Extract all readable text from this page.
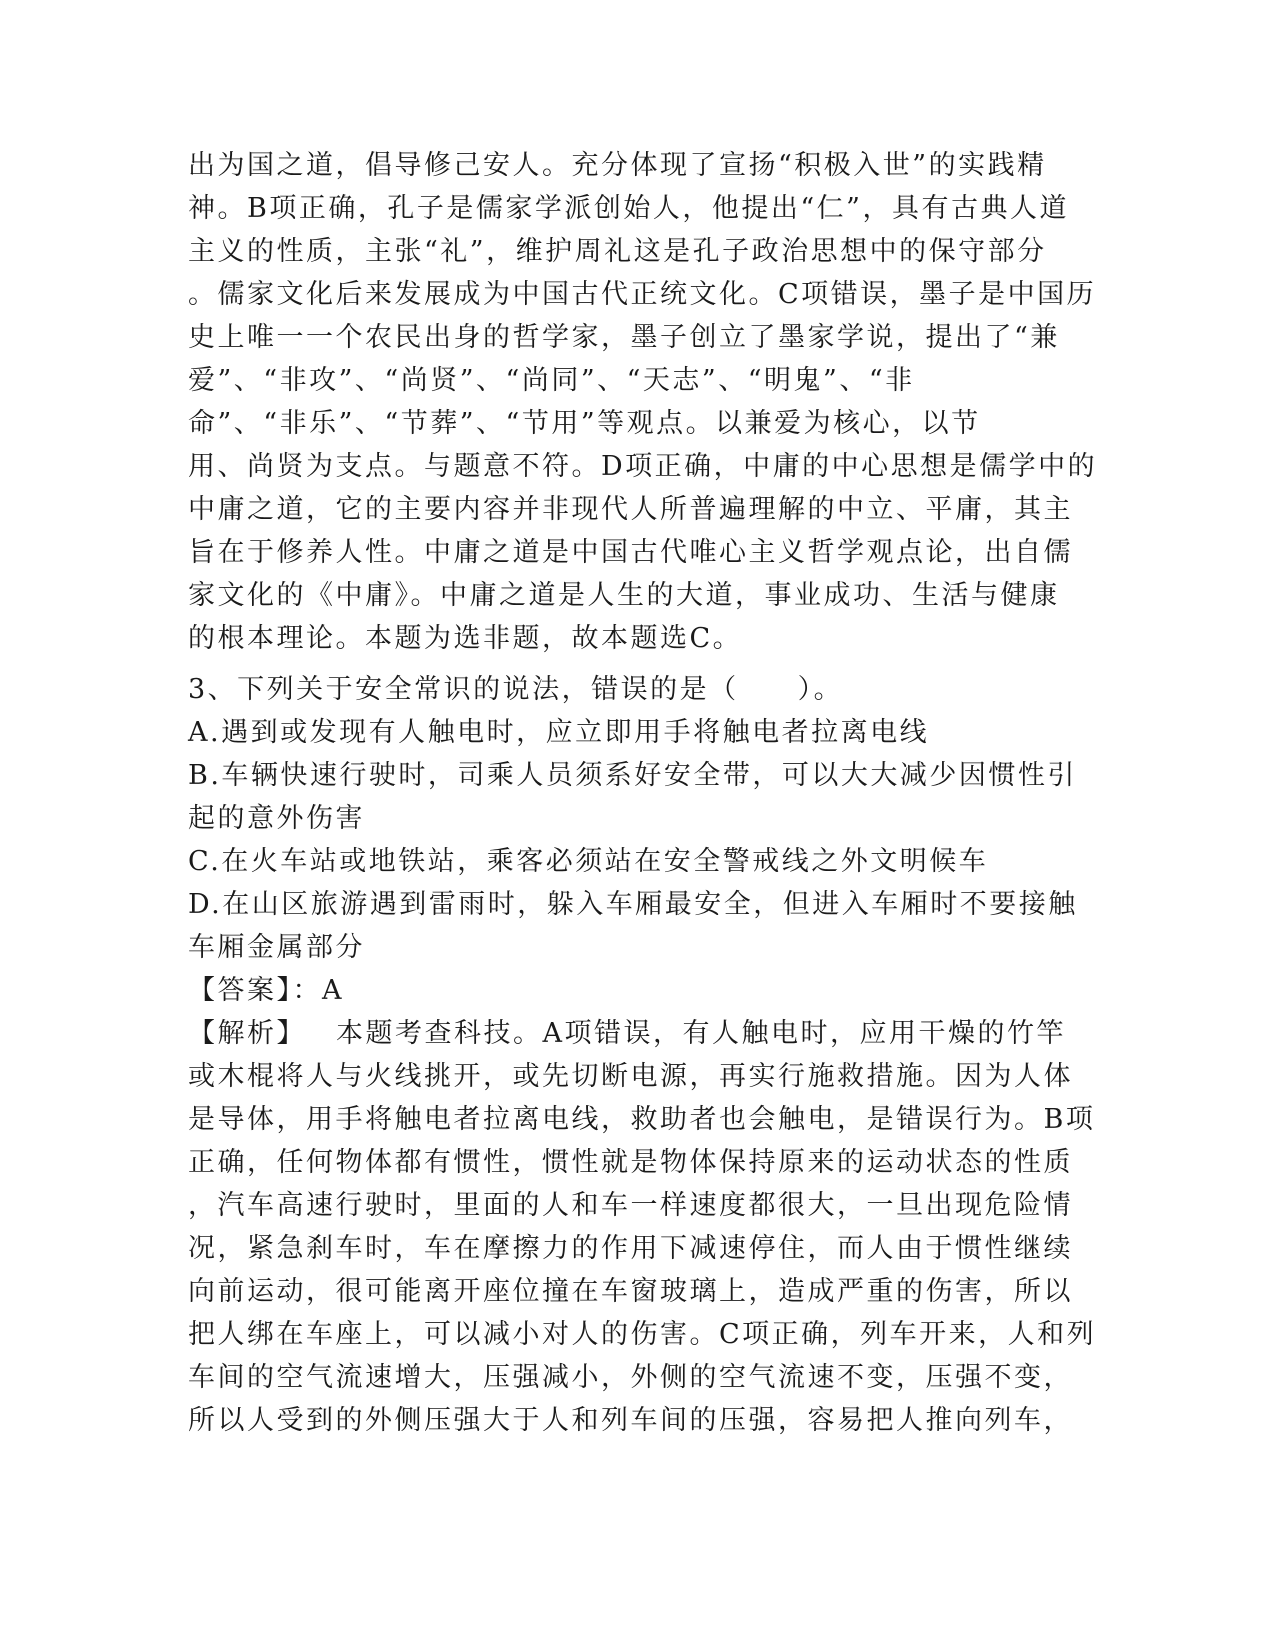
出为国之道，倡导修己安人。充分体现了宣扬“积极入世”的实践精
神。B项正确，孔子是儒家学派创始人，他提出“仁”，具有古典人道
主义的性质，主张“礼”，维护周礼这是孔子政治思想中的保守部分
。儒家文化后来发展成为中国古代正统文化。C项错误，墨子是中国历
史上唯一一个农民出身的哲学家，墨子创立了墨家学说，提出了“兼
爱”、“非攻”、“尚贤”、“尚同”、“天志”、“明鬼”、“非
命”、“非乐”、“节葬”、“节用”等观点。以兼爱为核心，以节
用、尚贤为支点。与题意不符。D项正确，中庸的中心思想是儒学中的
中庸之道，它的主要内容并非现代人所普遍理解的中立、平庸，其主
旨在于修养人性。中庸之道是中国古代唯心主义哲学观点论，出自儒
家文化的《中庸》。中庸之道是人生的大道，事业成功、生活与健康
的根本理论。本题为选非题，故本题选C。
3、下列关于安全常识的说法，错误的是（　　）。
A.遇到或发现有人触电时，应立即用手将触电者拉离电线
B.车辆快速行驶时，司乘人员须系好安全带，可以大大减少因惯性引
起的意外伤害
C.在火车站或地铁站，乘客必须站在安全警戒线之外文明候车
D.在山区旅游遇到雷雨时，躲入车厢最安全，但进入车厢时不要接触
车厢金属部分
【答案】：A
【解析】 本题考查科技。A项错误，有人触电时，应用干燥的竹竿
或木棍将人与火线挑开，或先切断电源，再实行施救措施。因为人体
是导体，用手将触电者拉离电线，救助者也会触电，是错误行为。B项
正确，任何物体都有惯性，惯性就是物体保持原来的运动状态的性质
，汽车高速行驶时，里面的人和车一样速度都很大，一旦出现危险情
况，紧急刹车时，车在摩擦力的作用下减速停住，而人由于惯性继续
向前运动，很可能离开座位撞在车窗玻璃上，造成严重的伤害，所以
把人绑在车座上，可以减小对人的伤害。C项正确，列车开来，人和列
车间的空气流速增大，压强减小，外侧的空气流速不变，压强不变，
所以人受到的外侧压强大于人和列车间的压强，容易把人推向列车，
